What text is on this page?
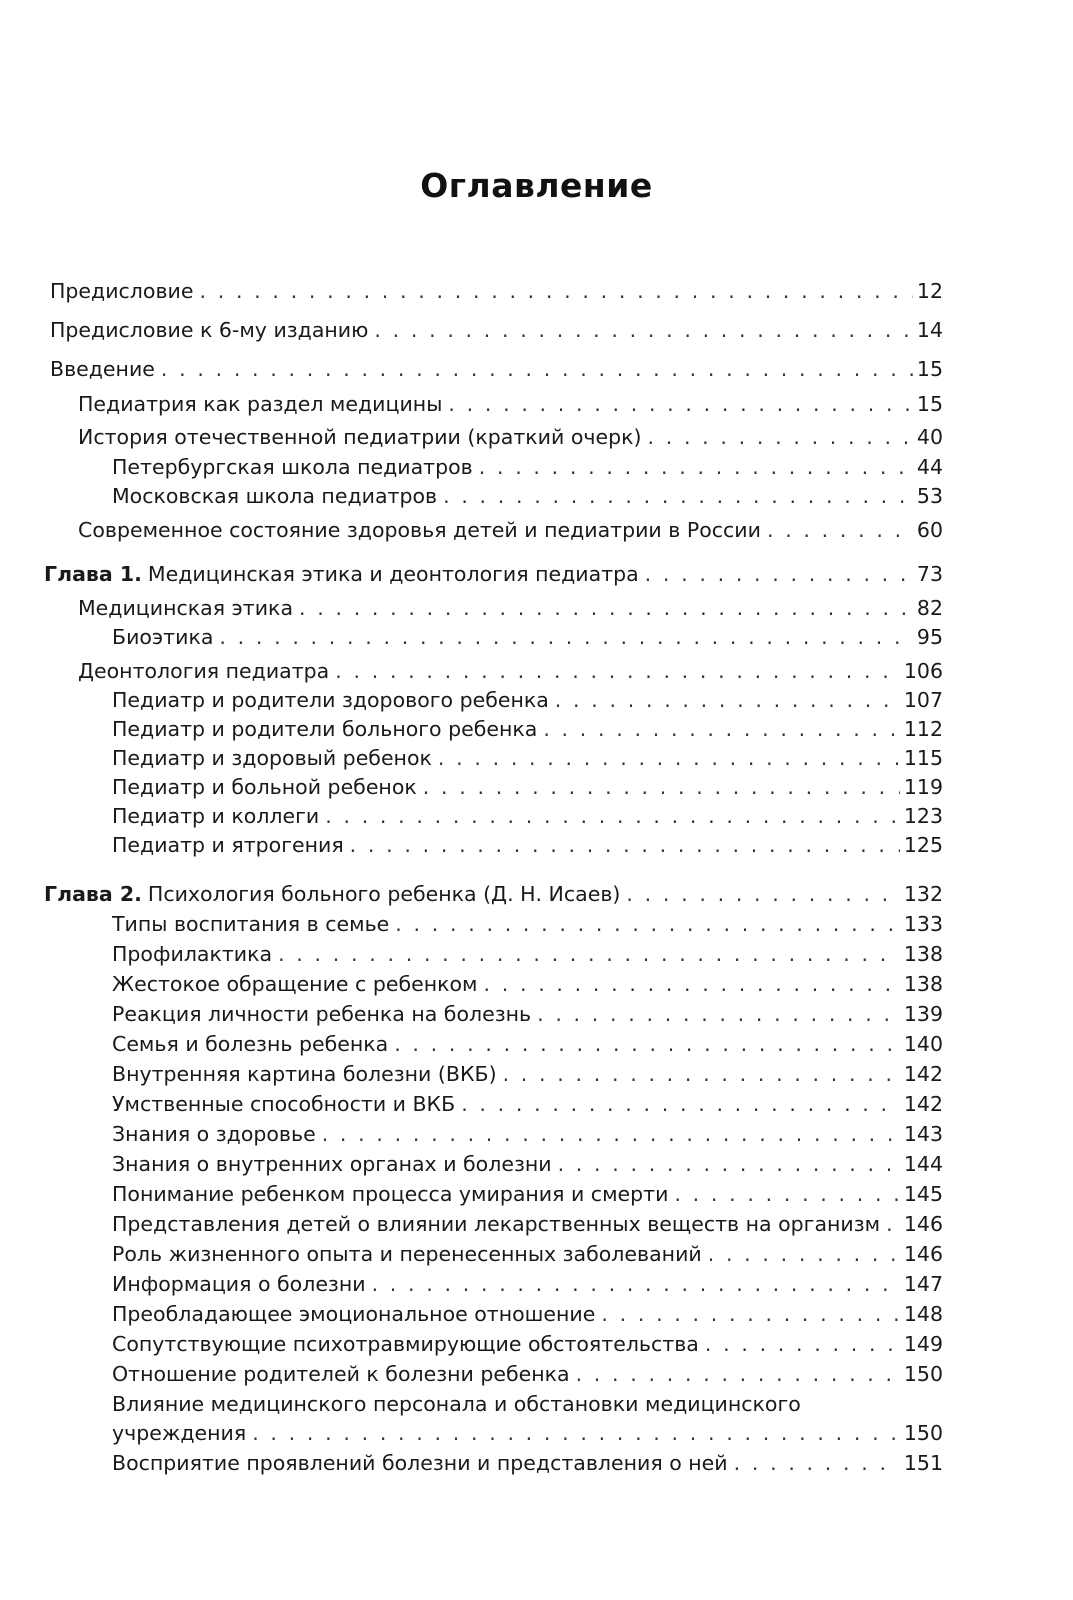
Оглавление
Предисловие . . .	12
Предисловие к 6-му изданию . . .	14
Введение . . .	15
Педиатрия как раздел медицины . . .	15
История отечественной педиатрии (краткий очерк) . . .	40
Петербургская школа педиатров . . .	44
Московская школа педиатров . . .	53
Современное состояние здоровья детей и педиатрии в России . . .	60
Глава 1. Медицинская этика и деонтология педиатра . . .	73
Медицинская этика . . .	82
Биоэтика . . .	95
Деонтология педиатра . . .	106
Педиатр и родители здорового ребенка . . .	107
Педиатр и родители больного ребенка . . .	112
Педиатр и здоровый ребенок . . .	115
Педиатр и больной ребенок . . .	119
Педиатр и коллеги . . .	123
Педиатр и ятрогения . . .	125
Глава 2. Психология больного ребенка (Д. Н. Исаев) . . .	132
Типы воспитания в семье . . .	133
Профилактика . . .	138
Жестокое обращение с ребенком . . .	138
Реакция личности ребенка на болезнь . . .	139
Семья и болезнь ребенка . . .	140
Внутренняя картина болезни (ВКБ) . . .	142
Умственные способности и ВКБ . . .	142
Знания о здоровье . . .	143
Знания о внутренних органах и болезни . . .	144
Понимание ребенком процесса умирания и смерти . . .	145
Представления детей о влиянии лекарственных веществ на организм . . . 146
Роль жизненного опыта и перенесенных заболеваний . . .	146
Информация о болезни . . .	147
Преобладающее эмоциональное отношение . . .	148
Сопутствующие психотравмирующие обстоятельства . . .	149
Отношение родителей к болезни ребенка . . .	150
Влияние медицинского персонала и обстановки медицинского
учреждения . . .	150
Восприятие проявлений болезни и представления о ней . . .	151
